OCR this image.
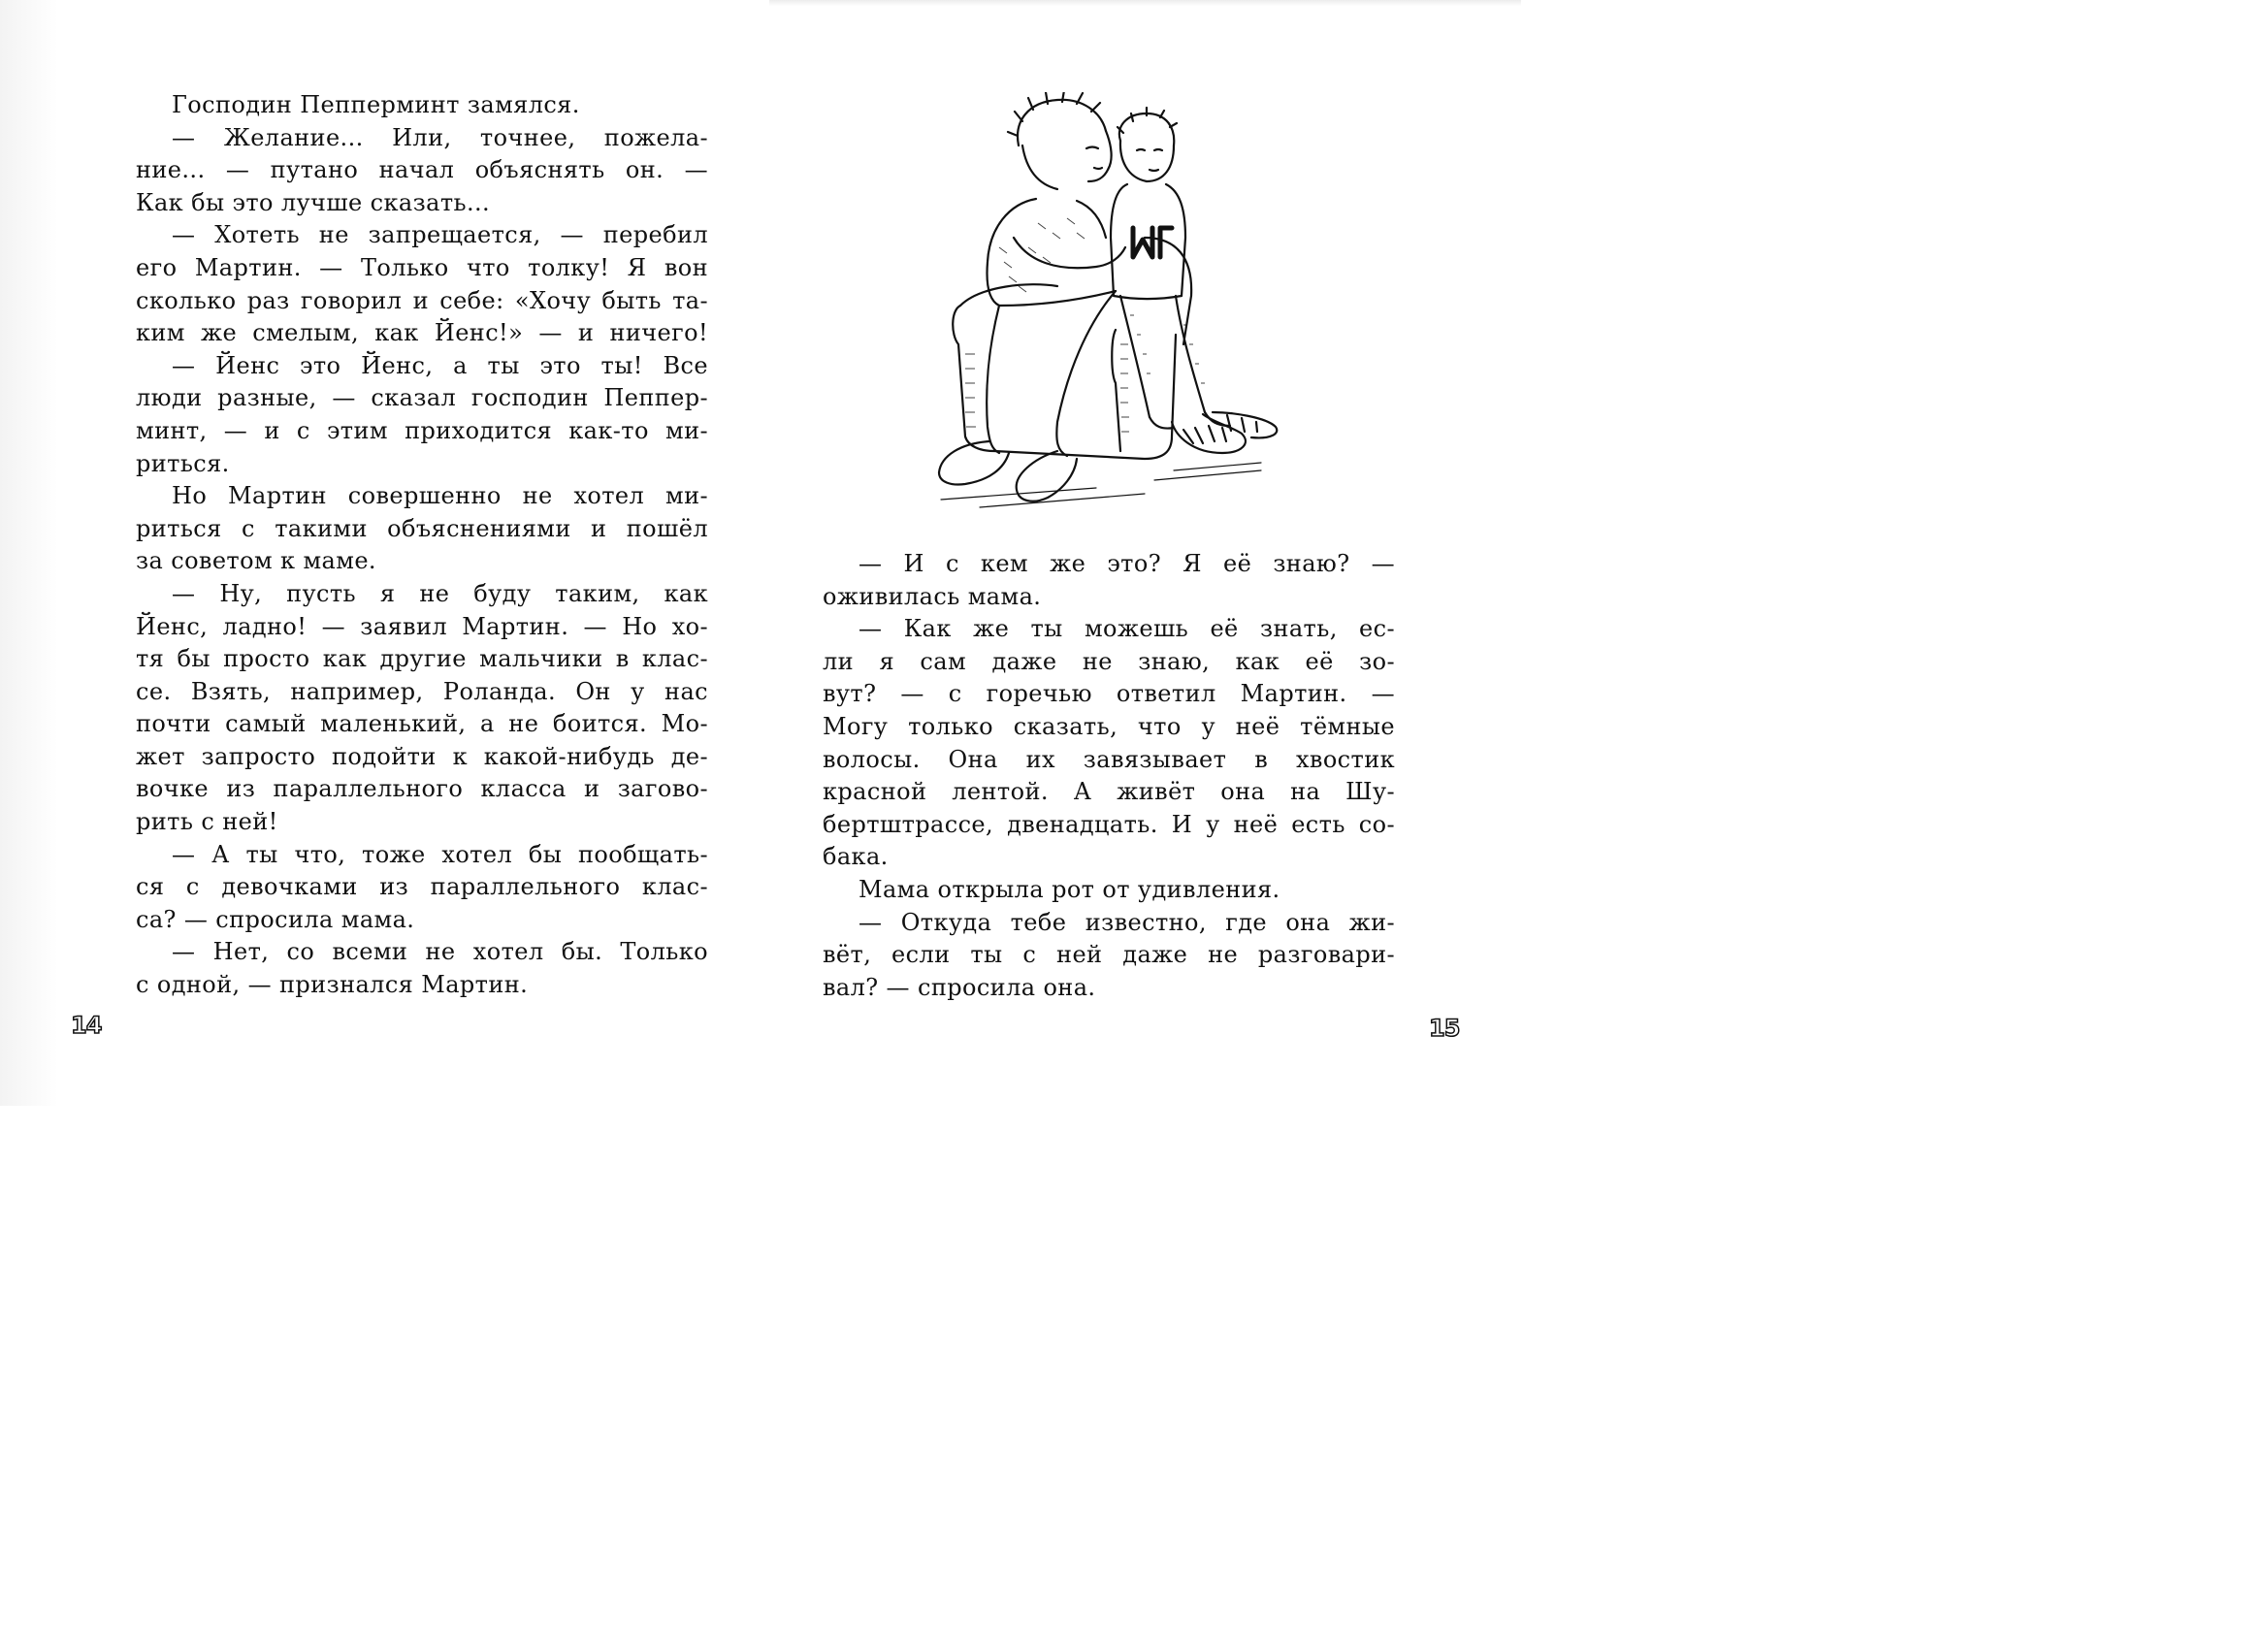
Господин Пепперминт замялся.

— Желание... Или, точнее, пожела-

ние... — путано начал объяснять он. —

Как бы это лучше сказать...

— Хотеть не запрещается, — перебил

его Мартин. — Только что толку! Я вон

сколько раз говорил и себе: «Хочу быть та-

ким же смелым, как Йенс!» — и ничего!

— Йенс это Йенс, а ты это ты! Все

люди разные, — сказал господин Пеппер-

минт, — и с этим приходится как-то ми-

риться.

Но Мартин совершенно не хотел ми-

риться с такими объяснениями и пошёл

за советом к маме.

— Ну, пусть я не буду таким, как

Йенс, ладно! — заявил Мартин. — Но хо-

тя бы просто как другие мальчики в клас-

се. Взять, например, Роланда. Он у нас

почти самый маленький, а не боится. Мо-

жет запросто подойти к какой-нибудь де-

вочке из параллельного класса и загово-

рить с ней!

— А ты что, тоже хотел бы пообщать-

ся с девочками из параллельного клас-

са? — спросила мама.

— Нет, со всеми не хотел бы. Только

с одной, — признался Мартин.

14

— И с кем же это? Я её знаю? —

оживилась мама.

— Как же ты можешь её знать, ес-

ли я сам даже не знаю, как её зо-

вут? — с горечью ответил Мартин. —

Могу только сказать, что у неё тёмные

волосы. Она их завязывает в хвостик

красной лентой. А живёт она на Шу-

бертштрассе, двенадцать. И у неё есть со-

бака.

Мама открыла рот от удивления.

— Откуда тебе известно, где она жи-

вёт, если ты с ней даже не разговари-

вал? — спросила она.

15
